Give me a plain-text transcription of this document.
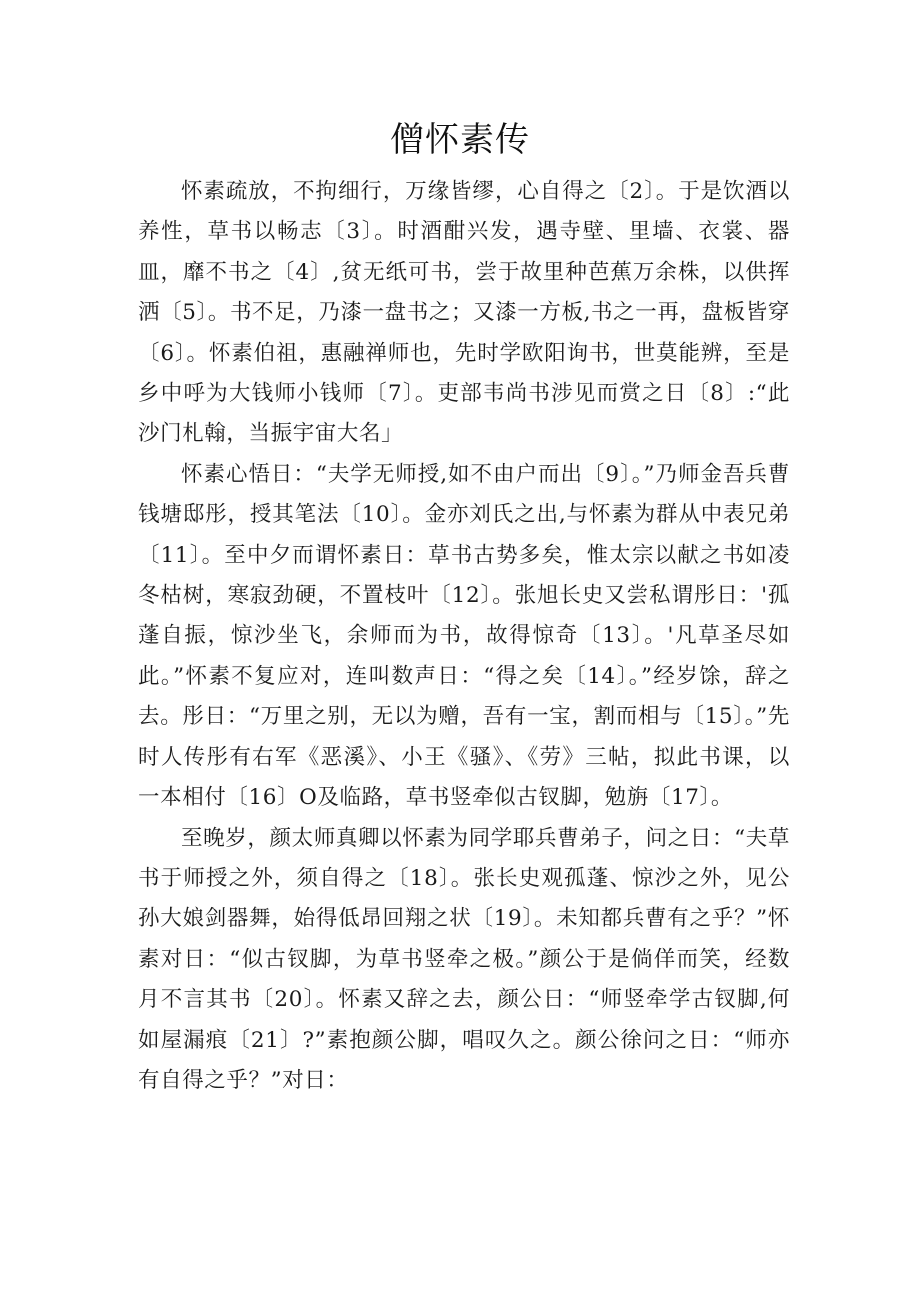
僧怀素传

怀素疏放，不拘细行，万缘皆缪，心自得之〔2〕。于是饮酒以养性，草书以畅志〔3〕。时酒酣兴发，遇寺壁、里墙、衣裳、器皿，靡不书之〔4〕,贫无纸可书，尝于故里种芭蕉万余株，以供挥洒〔5〕。书不足，乃漆一盘书之；又漆一方板,书之一再，盘板皆穿〔6〕。怀素伯祖，惠融禅师也，先时学欧阳询书，世莫能辨，至是乡中呼为大钱师小钱师〔7〕。吏部韦尚书涉见而赏之日〔8〕:“此沙门札翰，当振宇宙大名」

怀素心悟日：“夫学无师授,如不由户而出〔9〕。”乃师金吾兵曹钱塘邸彤，授其笔法〔10〕。金亦刘氏之出,与怀素为群从中表兄弟〔11〕。至中夕而谓怀素日：草书古势多矣，惟太宗以献之书如凌冬枯树，寒寂劲硬，不置枝叶〔12〕。张旭长史又尝私谓彤日：'孤蓬自振，惊沙坐飞，余师而为书，故得惊奇〔13〕。'凡草圣尽如此。”怀素不复应对，连叫数声日：“得之矣〔14〕。”经岁馀，辞之去。彤日：“万里之别，无以为赠，吾有一宝，割而相与〔15〕。”先时人传彤有右军《恶溪》、小王《骚》、《劳》三帖，拟此书课，以一本相付〔16〕O及临路，草书竖牵似古钗脚，勉旃〔17〕。

至晚岁，颜太师真卿以怀素为同学耶兵曹弟子，问之日：“夫草书于师授之外，须自得之〔18〕。张长史观孤蓬、惊沙之外，见公孙大娘剑器舞，始得低昂回翔之状〔19〕。未知都兵曹有之乎？”怀素对日：“似古钗脚，为草书竖牵之极。”颜公于是倘佯而笑，经数月不言其书〔20〕。怀素又辞之去，颜公日：“师竖牵学古钗脚,何如屋漏痕〔21〕?”素抱颜公脚，唱叹久之。颜公徐问之日：“师亦有自得之乎？”对日：
